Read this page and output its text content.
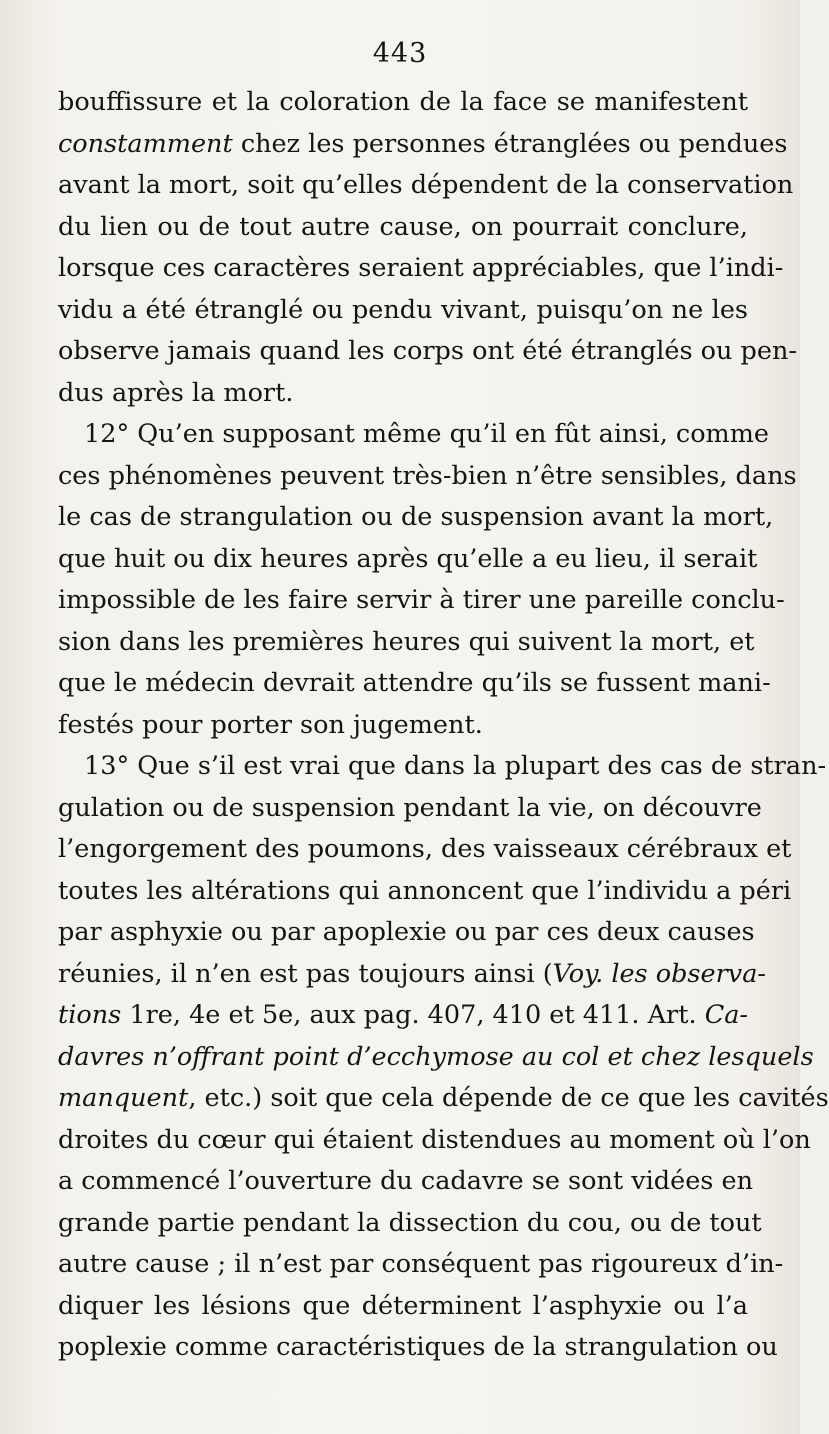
443
bouffissure et la coloration de la face se manifestent
constamment chez les personnes étranglées ou pendues
avant la mort, soit qu’elles dépendent de la conservation
du lien ou de tout autre cause, on pourrait conclure,
lorsque ces caractères seraient appréciables, que l’indi-
vidu a été étranglé ou pendu vivant, puisqu’on ne les
observe jamais quand les corps ont été étranglés ou pen-
dus après la mort.
12° Qu’en supposant même qu’il en fût ainsi, comme
ces phénomènes peuvent très-bien n’être sensibles, dans
le cas de strangulation ou de suspension avant la mort,
que huit ou dix heures après qu’elle a eu lieu, il serait
impossible de les faire servir à tirer une pareille conclu-
sion dans les premières heures qui suivent la mort, et
que le médecin devrait attendre qu’ils se fussent mani-
festés pour porter son jugement.
13° Que s’il est vrai que dans la plupart des cas de stran-
gulation ou de suspension pendant la vie, on découvre
l’engorgement des poumons, des vaisseaux cérébraux et
toutes les altérations qui annoncent que l’individu a péri
par asphyxie ou par apoplexie ou par ces deux causes
réunies, il n’en est pas toujours ainsi (Voy. les observa-
tions 1re, 4e et 5e, aux pag. 407, 410 et 411. Art. Ca-
davres n’offrant point d’ecchymose au col et chez lesquels
manquent, etc.) soit que cela dépende de ce que les cavités
droites du cœur qui étaient distendues au moment où l’on
a commencé l’ouverture du cadavre se sont vidées en
grande partie pendant la dissection du cou, ou de tout
autre cause ; il n’est par conséquent pas rigoureux d’in-
diquer les lésions que déterminent l’asphyxie ou l’a
poplexie comme caractéristiques de la strangulation ou
